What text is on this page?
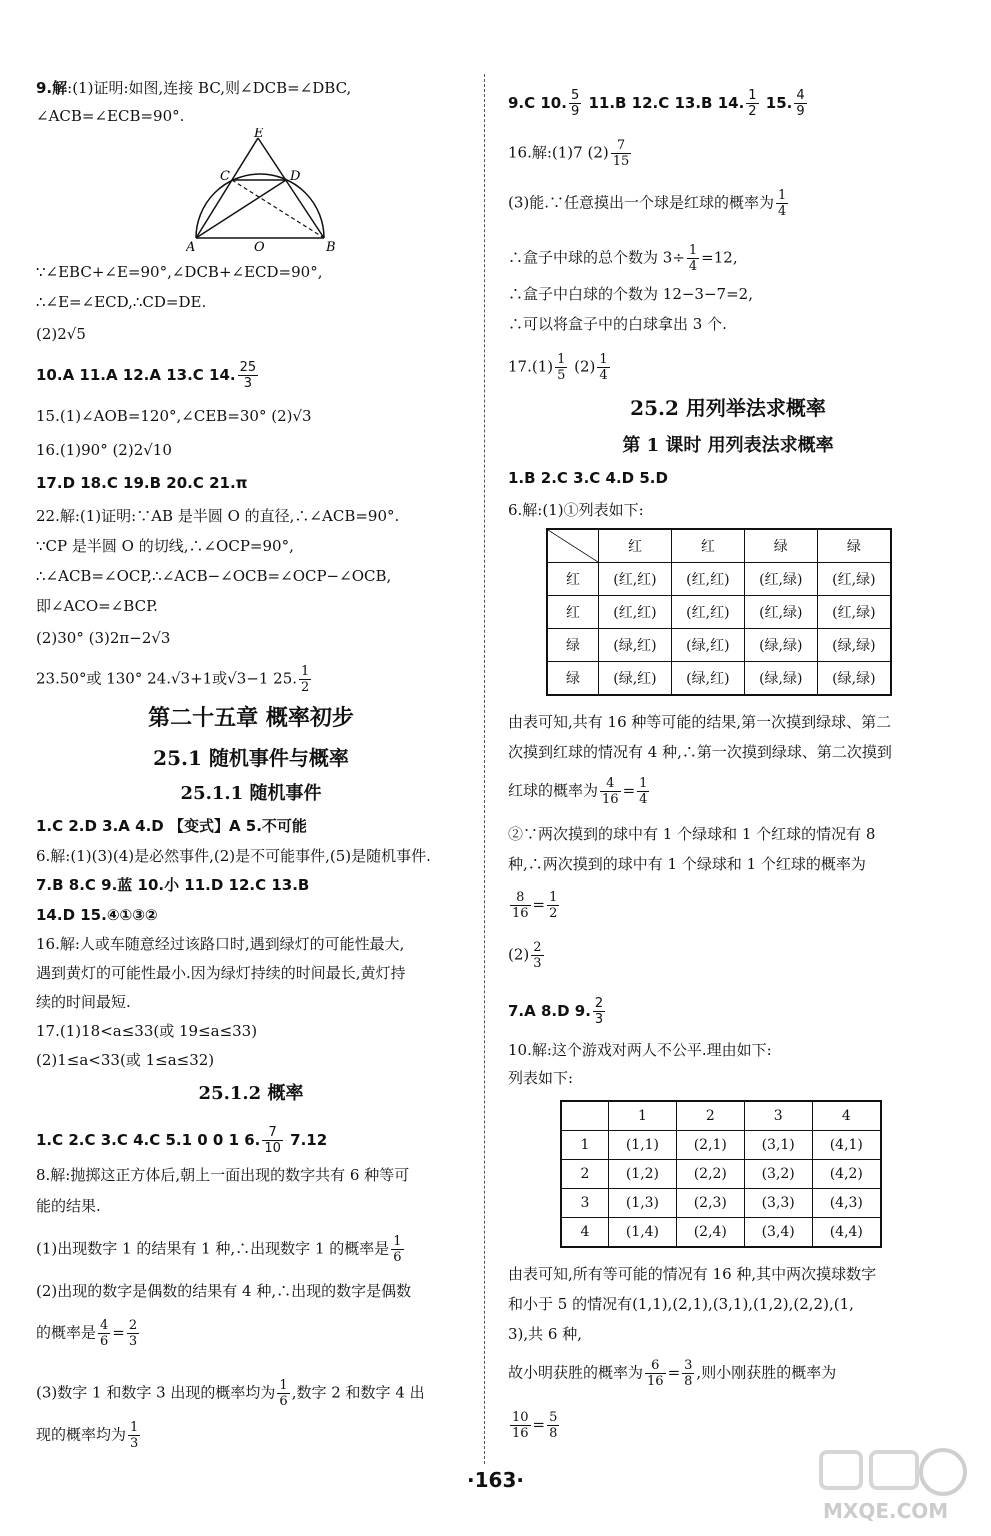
9.解:(1)证明:如图,连接 BC,则∠DCB=∠DBC,
∠ACB=∠ECB=90°.
E
C	D
A	O	B
∵∠EBC+∠E=90°,∠DCB+∠ECD=90°,
∴∠E=∠ECD,∴CD=DE.
(2)2√5
10.A 11.A 12.A 13.C 14. $\frac{25}{3}$
15.(1)∠AOB=120°,∠CEB=30° (2)√3
16.(1)90° (2)2√10
17.D 18.C 19.B 20.C 21.π
22.解:(1)证明:∵AB 是半圆 O 的直径,∴∠ACB=90°.
∵CP 是半圆 O 的切线,∴∠OCP=90°,
∴∠ACB=∠OCP,∴∠ACB−∠OCB=∠OCP−∠OCB,
即∠ACO=∠BCP.
(2)30° (3)2π−2√3
23.50°或 130° 24.√3+1或√3−1 25. $\frac{1}{2}$
第二十五章 概率初步
25.1 随机事件与概率
25.1.1 随机事件
1.C 2.D 3.A 4.D 【变式】A 5.不可能
6.解:(1)(3)(4)是必然事件,(2)是不可能事件,(5)是随机事件.
7.B 8.C 9.蓝 10.小 11.D 12.C 13.B
14.D 15.④①③②
16.解:人或车随意经过该路口时,遇到绿灯的可能性最大,
遇到黄灯的可能性最小.因为绿灯持续的时间最长,黄灯持
续的时间最短.
17.(1)18<a≤33(或 19≤a≤33)
(2)1≤a<33(或 1≤a≤32)
25.1.2 概率
1.C 2.C 3.C 4.C 5.1 0 0 1 6. $\frac{7}{10} 7.12$
8.解:抛掷这正方体后,朝上一面出现的数字共有 6 种等可
能的结果.
(1)出现数字 1 的结果有 1 种,∴出现数字 1 的概率是 $\frac{1}{6}$
(2)出现的数字是偶数的结果有 4 种,∴出现的数字是偶数
的概率是 $\frac{4}{6} = \frac{2}{3}$
(3)数字 1 和数字 3 出现的概率均为 $\frac{1}{6}$ ,数字 2 和数字 4 出
现的概率均为 $\frac{1}{3}$
9.C 10. $\frac{5}{9} 11.B$ 12.C 13.B 14. $\frac{1}{2} 15$. $\frac{4}{9}$
16.解:(1)7 $(2) \frac{7}{15}$
(3)能.∵任意摸出一个球是红球的概率为 $\frac{1}{4}$
∴盒子中球的总个数为 $3\div \frac{1}{4} =12$,
∴盒子中白球的个数为 12−3−7=2,
∴可以将盒子中的白球拿出 3 个.
$17.(1) \frac{1}{5} (2) \frac{1}{4}$
25.2 用列举法求概率
第 1 课时 用列表法求概率
1.B 2.C 3.C 4.D 5.D
6.解:(1)①列表如下:
	红	红	绿	绿
红	(红,红)	(红,红)	(红,绿)	(红,绿)
红	(红,红)	(红,红)	(红,绿)	(红,绿)
绿	(绿,红)	(绿,红)	(绿,绿)	(绿,绿)
绿	(绿,红)	(绿,红)	(绿,绿)	(绿,绿)
由表可知,共有 16 种等可能的结果,第一次摸到绿球、第二
次摸到红球的情况有 4 种,∴第一次摸到绿球、第二次摸到
红球的概率为 $\frac{4}{16} = \frac{1}{4}$
②∵两次摸到的球中有 1 个绿球和 1 个红球的情况有 8
种,∴两次摸到的球中有 1 个绿球和 1 个红球的概率为
$\frac{8}{16} = \frac{1}{2}$
$(2) \frac{2}{3}$
7.A 8.D 9. $\frac{2}{3}$
10.解:这个游戏对两人不公平.理由如下:
列表如下:
	1	2	3	4
1	(1,1)	(2,1)	(3,1)	(4,1)
2	(1,2)	(2,2)	(3,2)	(4,2)
3	(1,3)	(2,3)	(3,3)	(4,3)
4	(1,4)	(2,4)	(3,4)	(4,4)
由表可知,所有等可能的情况有 16 种,其中两次摸球数字
和小于 5 的情况有(1,1),(2,1),(3,1),(1,2),(2,2),(1,
3),共 6 种,
故小明获胜的概率为 $\frac{6}{16} = \frac{3}{8}$ ,则小刚获胜的概率为
$\frac{10}{16} = \frac{5}{8}$
·163·
MXQE.COM
